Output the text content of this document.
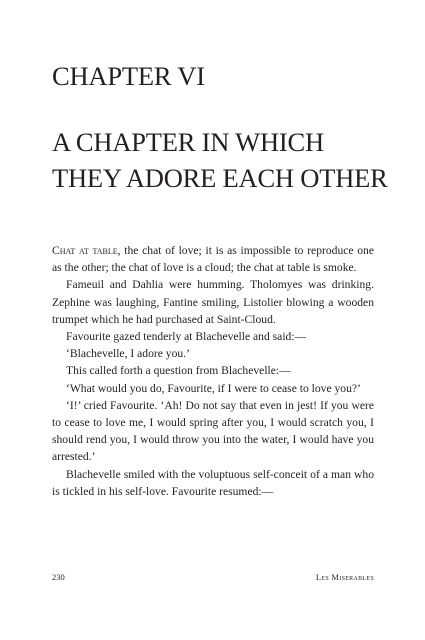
CHAPTER VI
A CHAPTER IN WHICH
THEY ADORE EACH OTHER

Chat at table, the chat of love; it is as impossible to reproduce one as the other; the chat of love is a cloud; the chat at table is smoke.

Fameuil and Dahlia were humming. Tholomyes was drinking. Zephine was laughing, Fantine smiling, Listolier blowing a wooden trumpet which he had purchased at Saint-Cloud.

Favourite gazed tenderly at Blachevelle and said:—

‘Blachevelle, I adore you.’

This called forth a question from Blachevelle:—

‘What would you do, Favourite, if I were to cease to love you?’

‘I!’ cried Favourite. ‘Ah! Do not say that even in jest! If you were to cease to love me, I would spring after you, I would scratch you, I should rend you, I would throw you into the water, I would have you arrested.’

Blachevelle smiled with the voluptuous self-conceit of a man who is tickled in his self-love. Favourite resumed:—

230	Les Miserables
